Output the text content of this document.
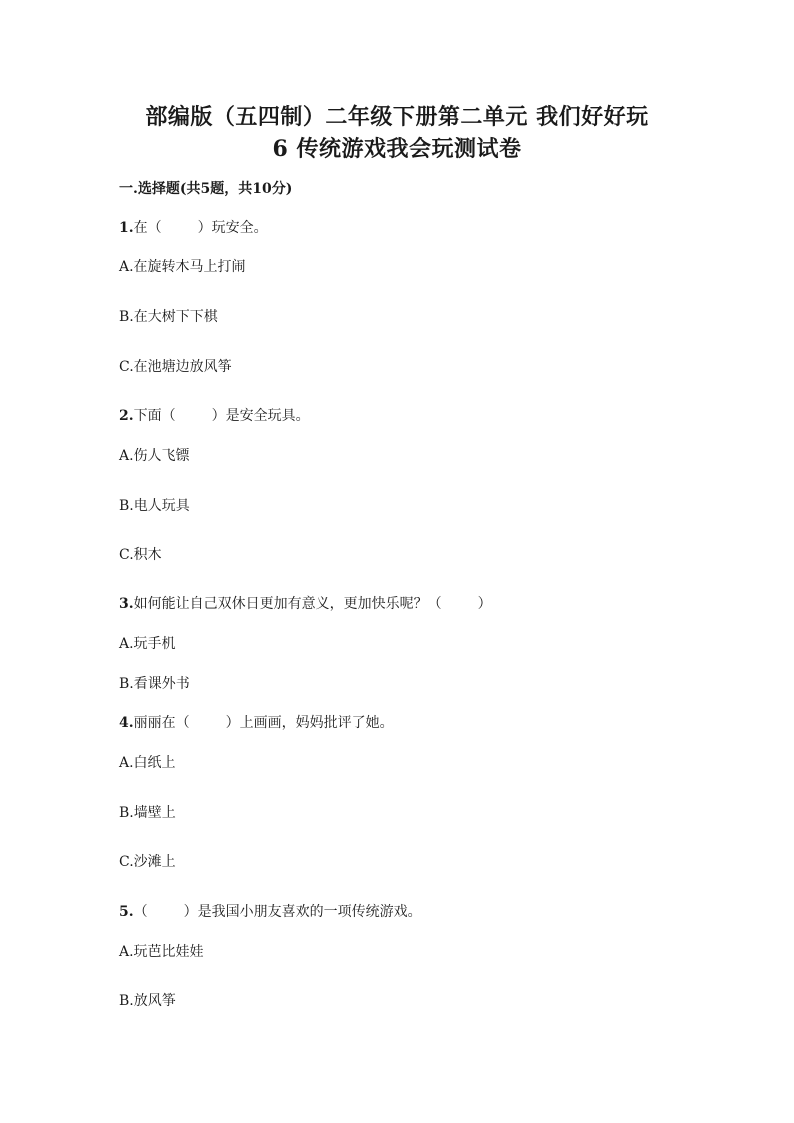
部编版（五四制）二年级下册第二单元 我们好好玩
6 传统游戏我会玩测试卷
一.选择题(共5题，共10分)
1.在（	）玩安全。
A.在旋转木马上打闹
B.在大树下下棋
C.在池塘边放风筝
2.下面（	）是安全玩具。
A.伤人飞镖
B.电人玩具
C.积木
3.如何能让自己双休日更加有意义，更加快乐呢？（	）
A.玩手机
B.看课外书
4.丽丽在（	）上画画，妈妈批评了她。
A.白纸上
B.墙壁上
C.沙滩上
5.（	）是我国小朋友喜欢的一项传统游戏。
A.玩芭比娃娃
B.放风筝
